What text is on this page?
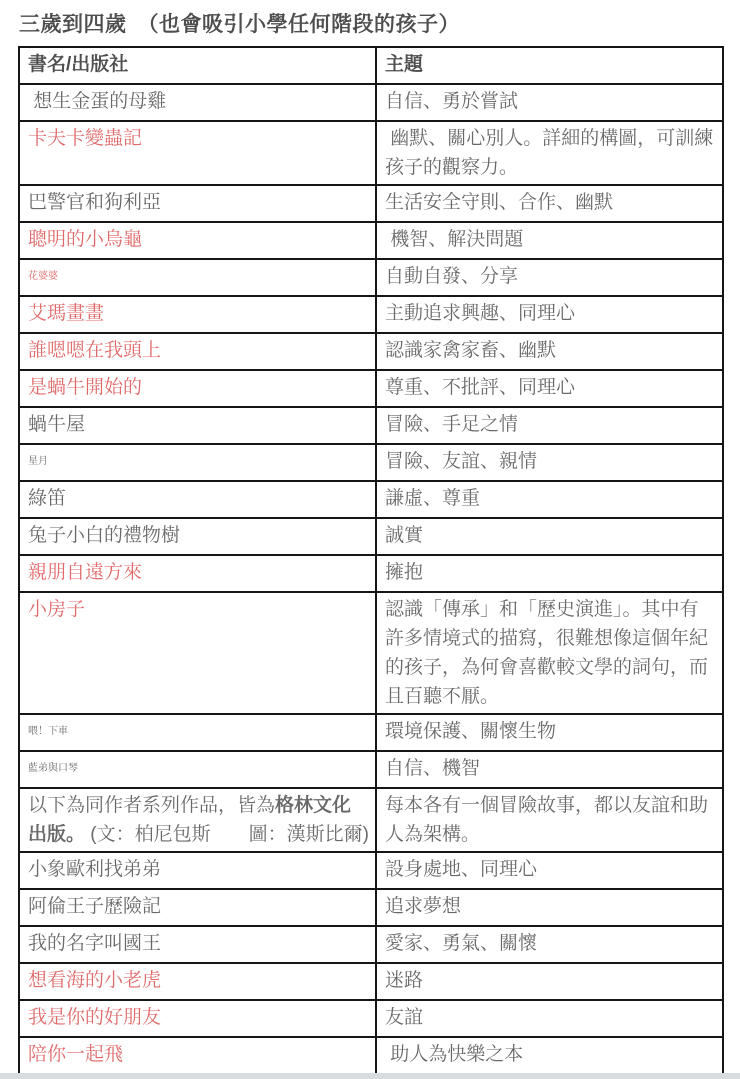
三歲到四歲　（也會吸引小學任何階段的孩子）
書名/出版社	主題
想生金蛋的母雞	自信、勇於嘗試
卡夫卡變蟲記	幽默、關心別人。詳細的構圖，可訓練孩子的觀察力。
巴警官和狗利亞	生活安全守則、合作、幽默
聰明的小烏龜	機智、解決問題
花婆婆	自動自發、分享
艾瑪畫畫	主動追求興趣、同理心
誰嗯嗯在我頭上	認識家禽家畜、幽默
是蝸牛開始的	尊重、不批評、同理心
蝸牛屋	冒險、手足之情
星月	冒險、友誼、親情
綠笛	謙虛、尊重
兔子小白的禮物樹	誠實
親朋自遠方來	擁抱
小房子	認識「傳承」和「歷史演進」。其中有許多情境式的描寫，很難想像這個年紀的孩子，為何會喜歡較文學的詞句，而且百聽不厭。
喂！下車	環境保護、關懷生物
藍弟與口琴	自信、機智
以下為同作者系列作品，皆為格林文化出版。 (文：柏尼包斯　　圖：漢斯比爾)	每本各有一個冒險故事，都以友誼和助人為架構。
小象歐利找弟弟	設身處地、同理心
阿倫王子歷險記	追求夢想
我的名字叫國王	愛家、勇氣、關懷
想看海的小老虎	迷路
我是你的好朋友	友誼
陪你一起飛	助人為快樂之本
